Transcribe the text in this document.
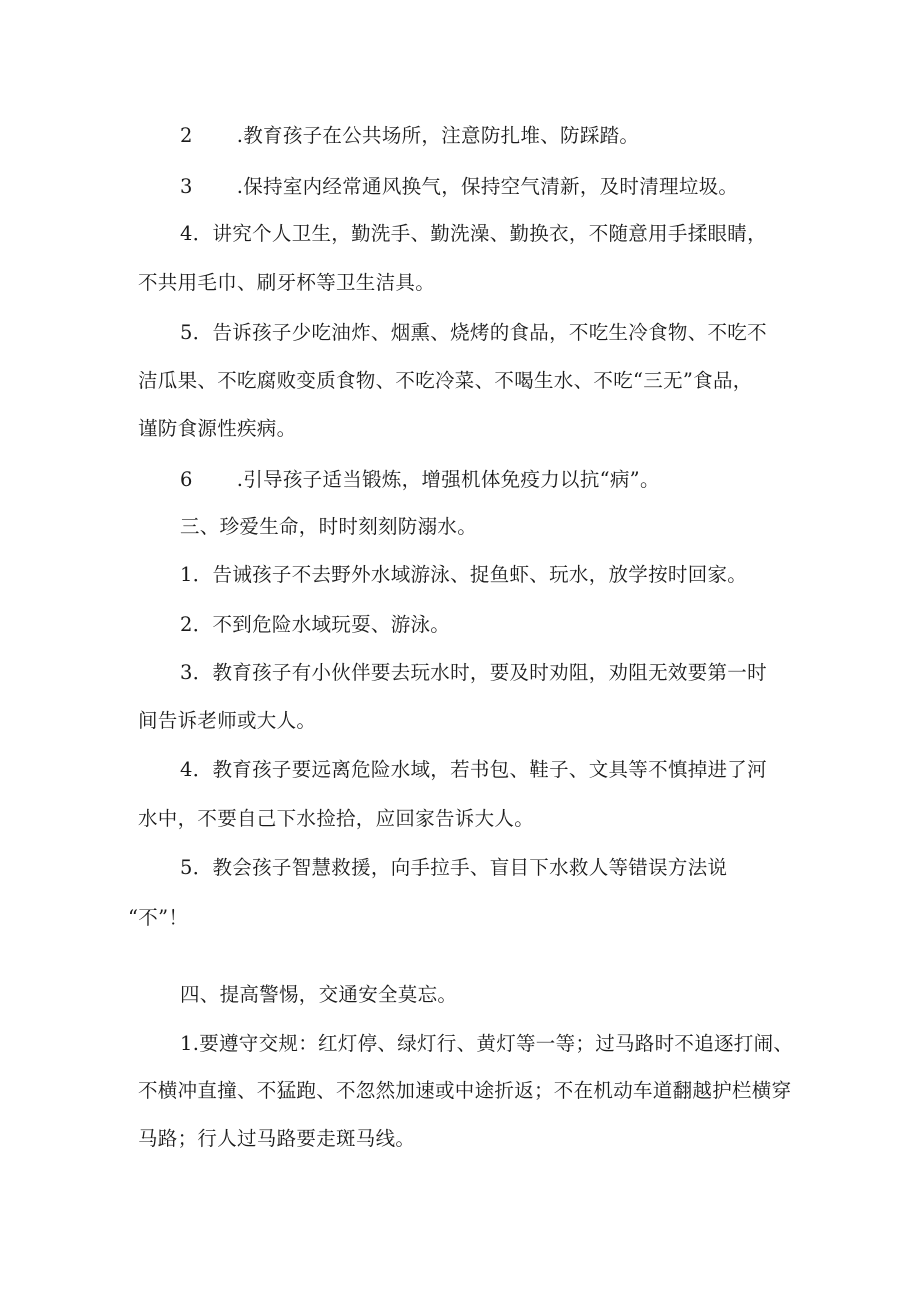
2 .教育孩子在公共场所，注意防扎堆、防踩踏。
3 .保持室内经常通风换气，保持空气清新，及时清理垃圾。
4．讲究个人卫生，勤洗手、勤洗澡、勤换衣，不随意用手揉眼睛，
不共用毛巾、刷牙杯等卫生洁具。
5．告诉孩子少吃油炸、烟熏、烧烤的食品，不吃生冷食物、不吃不
洁瓜果、不吃腐败变质食物、不吃冷菜、不喝生水、不吃“三无”食品，
谨防食源性疾病。
6 .引导孩子适当锻炼，增强机体免疫力以抗“病”。
三、珍爱生命，时时刻刻防溺水。
1．告诫孩子不去野外水域游泳、捉鱼虾、玩水，放学按时回家。
2．不到危险水域玩耍、游泳。
3．教育孩子有小伙伴要去玩水时，要及时劝阻，劝阻无效要第一时
间告诉老师或大人。
4．教育孩子要远离危险水域，若书包、鞋子、文具等不慎掉进了河
水中，不要自己下水捡拾，应回家告诉大人。
5．教会孩子智慧救援，向手拉手、盲目下水救人等错误方法说
“不”！
四、提高警惕，交通安全莫忘。
1.要遵守交规：红灯停、绿灯行、黄灯等一等；过马路时不追逐打闹、
不横冲直撞、不猛跑、不忽然加速或中途折返；不在机动车道翻越护栏横穿
马路；行人过马路要走斑马线。
